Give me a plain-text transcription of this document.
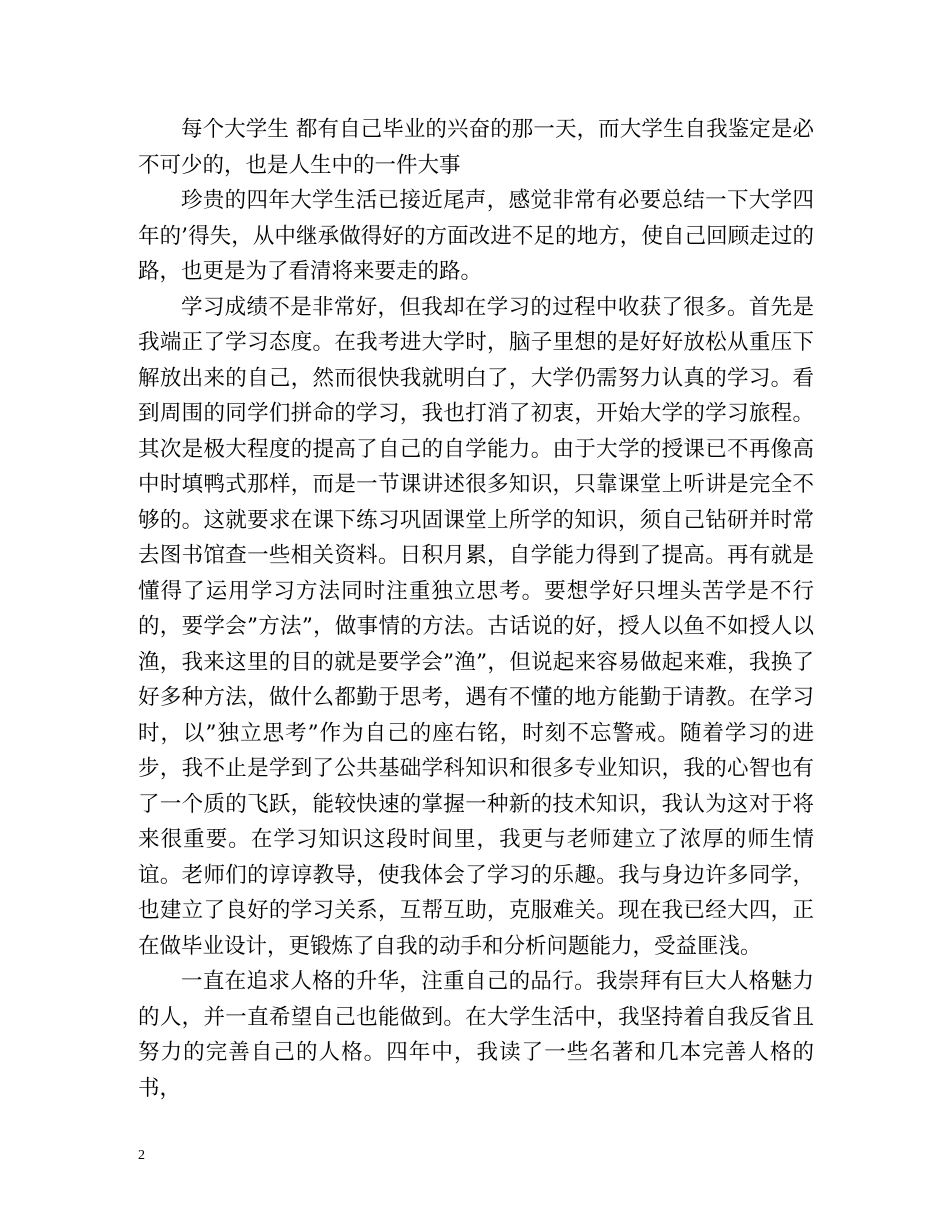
每个大学生 都有自己毕业的兴奋的那一天，而大学生自我鉴定是必不可少的，也是人生中的一件大事

珍贵的四年大学生活已接近尾声，感觉非常有必要总结一下大学四年的’得失，从中继承做得好的方面改进不足的地方，使自己回顾走过的路，也更是为了看清将来要走的路。

学习成绩不是非常好，但我却在学习的过程中收获了很多。首先是我端正了学习态度。在我考进大学时，脑子里想的是好好放松从重压下解放出来的自己，然而很快我就明白了，大学仍需努力认真的学习。看到周围的同学们拼命的学习，我也打消了初衷，开始大学的学习旅程。其次是极大程度的提高了自己的自学能力。由于大学的授课已不再像高中时填鸭式那样，而是一节课讲述很多知识，只靠课堂上听讲是完全不够的。这就要求在课下练习巩固课堂上所学的知识，须自己钻研并时常去图书馆查一些相关资料。日积月累，自学能力得到了提高。再有就是懂得了运用学习方法同时注重独立思考。要想学好只埋头苦学是不行的，要学会”方法”，做事情的方法。古话说的好，授人以鱼不如授人以渔，我来这里的目的就是要学会”渔”，但说起来容易做起来难，我换了好多种方法，做什么都勤于思考，遇有不懂的地方能勤于请教。在学习时，以”独立思考”作为自己的座右铭，时刻不忘警戒。随着学习的进步，我不止是学到了公共基础学科知识和很多专业知识，我的心智也有了一个质的飞跃，能较快速的掌握一种新的技术知识，我认为这对于将来很重要。在学习知识这段时间里，我更与老师建立了浓厚的师生情谊。老师们的谆谆教导，使我体会了学习的乐趣。我与身边许多同学，也建立了良好的学习关系，互帮互助，克服难关。现在我已经大四，正在做毕业设计，更锻炼了自我的动手和分析问题能力，受益匪浅。

一直在追求人格的升华，注重自己的品行。我崇拜有巨大人格魅力的人，并一直希望自己也能做到。在大学生活中，我坚持着自我反省且努力的完善自己的人格。四年中，我读了一些名著和几本完善人格的书，

2
